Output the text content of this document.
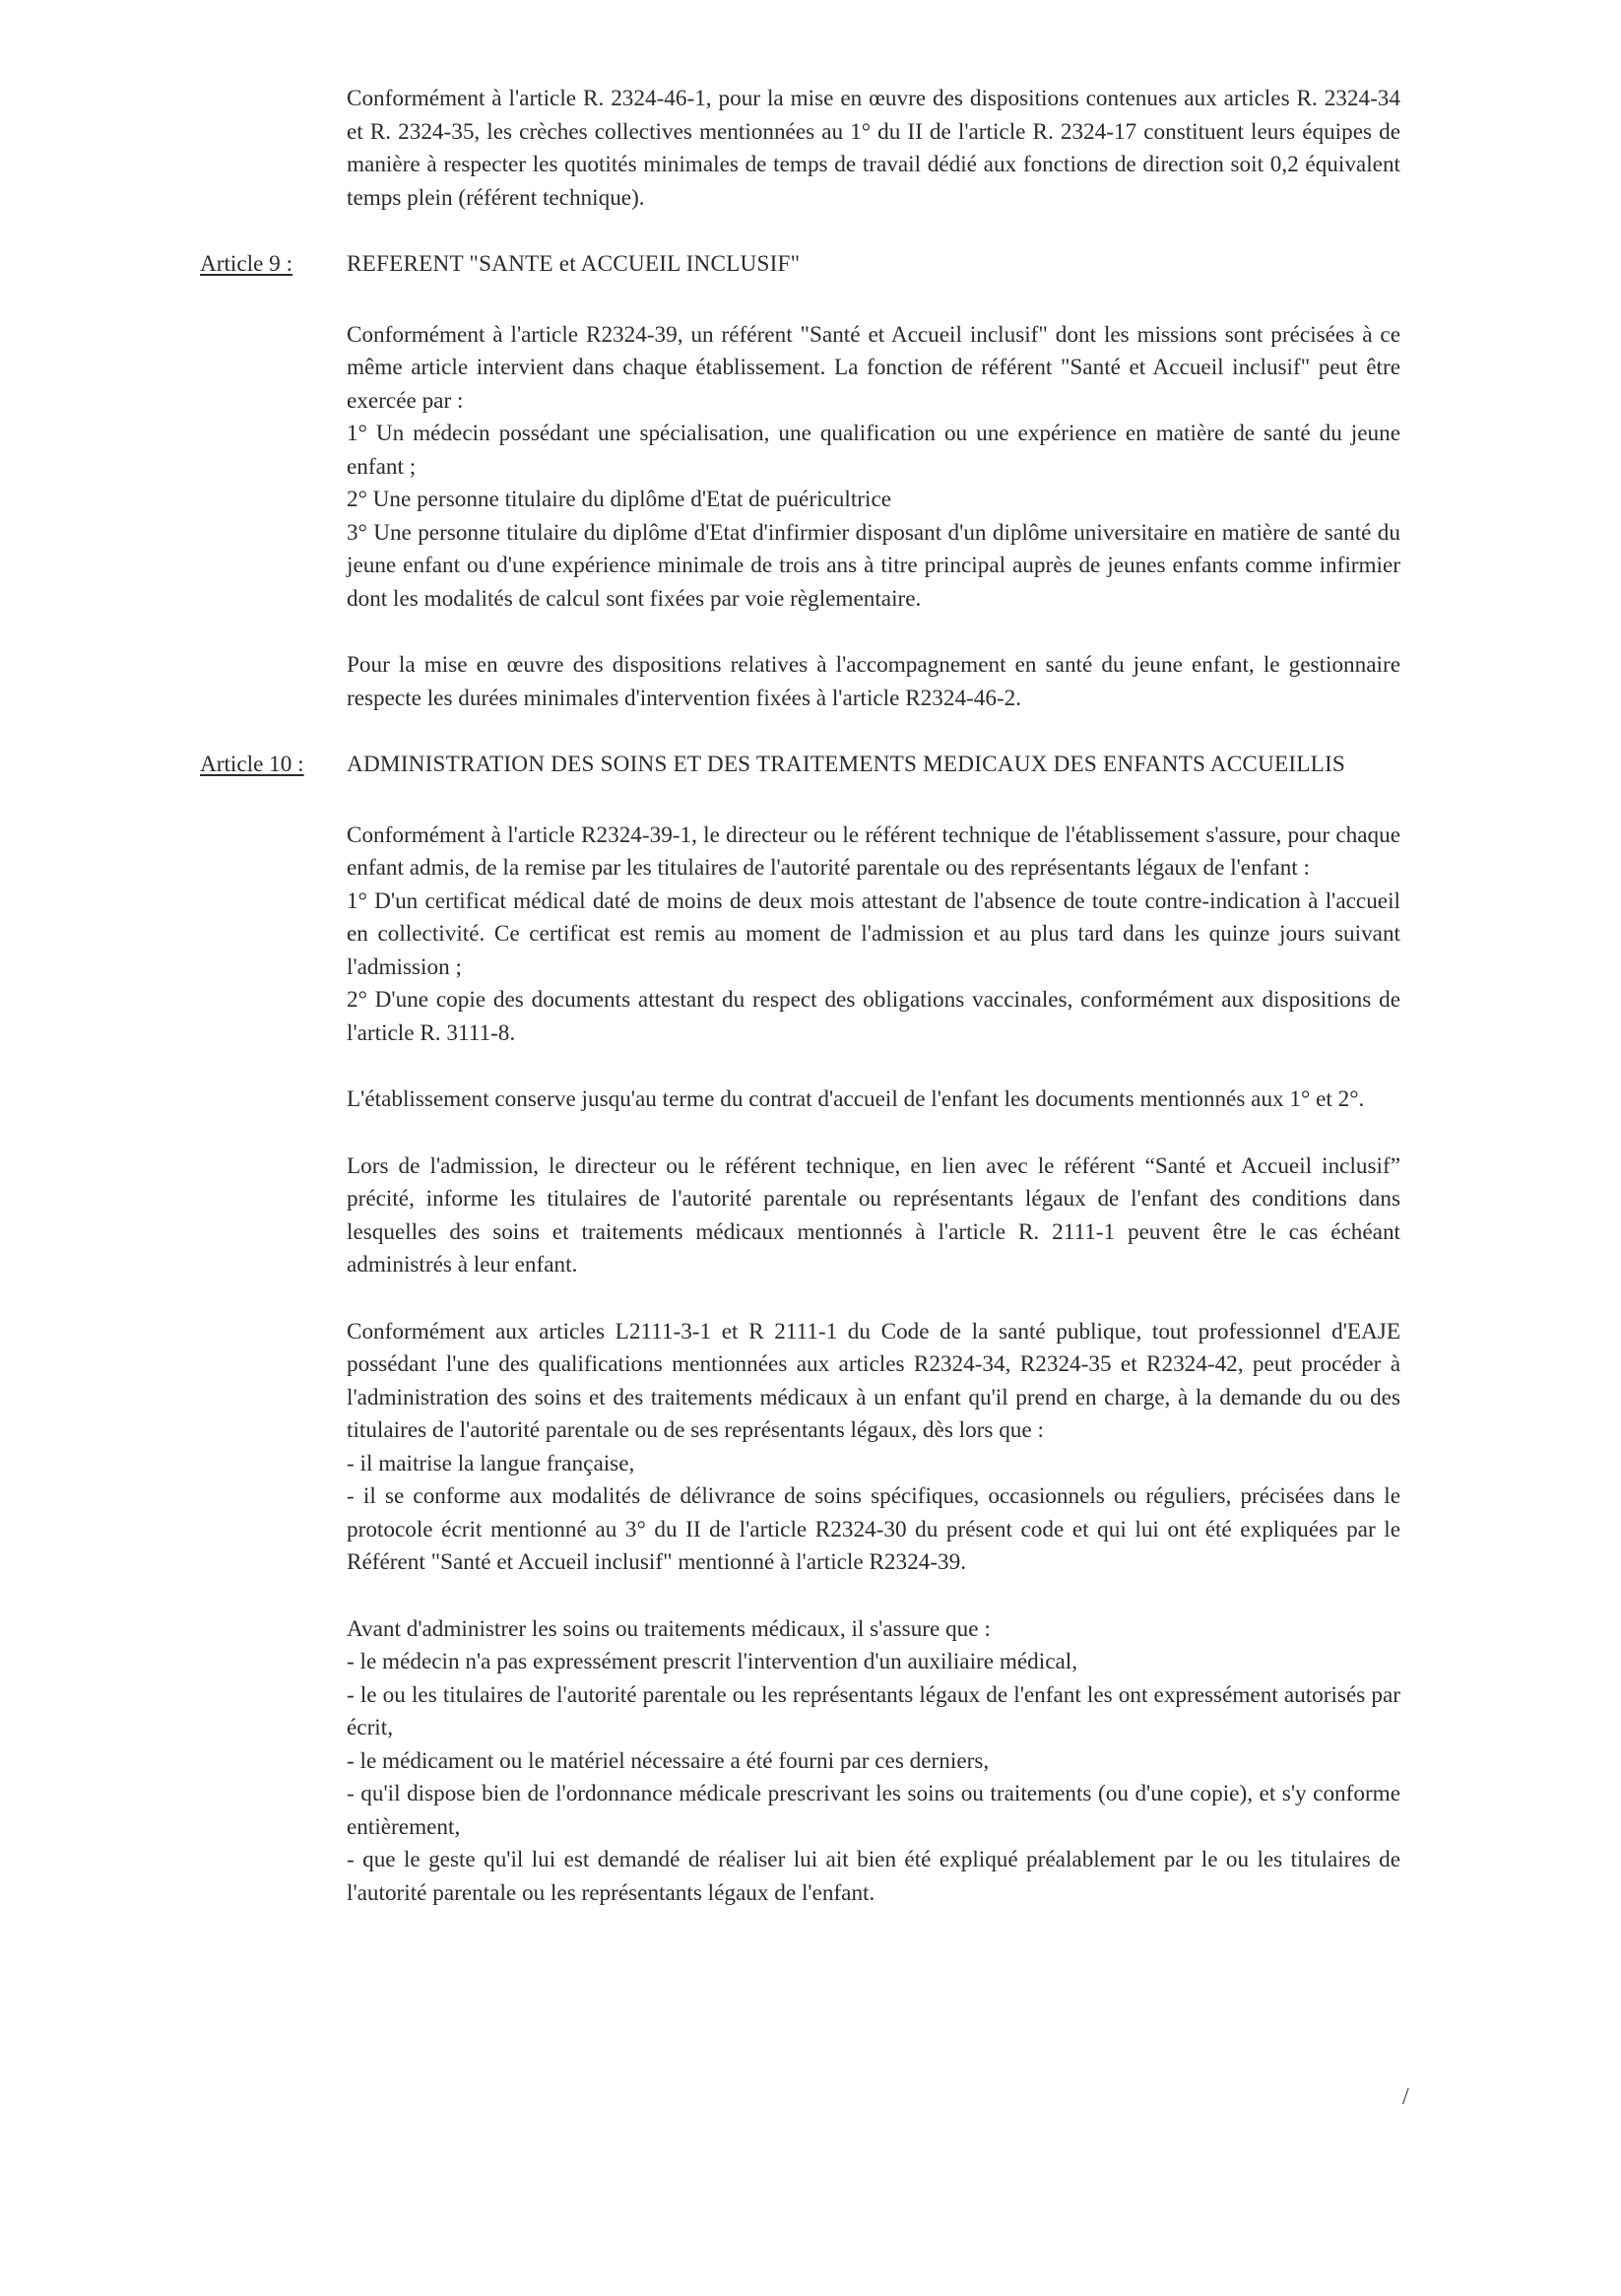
Conformément à l'article R. 2324-46-1, pour la mise en œuvre des dispositions contenues aux articles R. 2324-34 et R. 2324-35, les crèches collectives mentionnées au 1° du II de l'article R. 2324-17 constituent leurs équipes de manière à respecter les quotités minimales de temps de travail dédié aux fonctions de direction soit 0,2 équivalent temps plein (référent technique).

Article 9 : REFERENT "SANTE et ACCUEIL INCLUSIF"

Conformément à l'article R2324-39, un référent "Santé et Accueil inclusif" dont les missions sont précisées à ce même article intervient dans chaque établissement. La fonction de référent "Santé et Accueil inclusif" peut être exercée par :

1° Un médecin possédant une spécialisation, une qualification ou une expérience en matière de santé du jeune enfant ;

2° Une personne titulaire du diplôme d'Etat de puéricultrice

3° Une personne titulaire du diplôme d'Etat d'infirmier disposant d'un diplôme universitaire en matière de santé du jeune enfant ou d'une expérience minimale de trois ans à titre principal auprès de jeunes enfants comme infirmier dont les modalités de calcul sont fixées par voie règlementaire.

Pour la mise en œuvre des dispositions relatives à l'accompagnement en santé du jeune enfant, le gestionnaire respecte les durées minimales d'intervention fixées à l'article R2324-46-2.

Article 10 : ADMINISTRATION DES SOINS ET DES TRAITEMENTS MEDICAUX DES ENFANTS ACCUEILLIS

Conformément à l'article R2324-39-1, le directeur ou le référent technique de l'établissement s'assure, pour chaque enfant admis, de la remise par les titulaires de l'autorité parentale ou des représentants légaux de l'enfant :

1° D'un certificat médical daté de moins de deux mois attestant de l'absence de toute contre-indication à l'accueil en collectivité. Ce certificat est remis au moment de l'admission et au plus tard dans les quinze jours suivant l'admission ;

2° D'une copie des documents attestant du respect des obligations vaccinales, conformément aux dispositions de l'article R. 3111-8.

L'établissement conserve jusqu'au terme du contrat d'accueil de l'enfant les documents mentionnés aux 1° et 2°.

Lors de l'admission, le directeur ou le référent technique, en lien avec le référent “Santé et Accueil inclusif” précité, informe les titulaires de l'autorité parentale ou représentants légaux de l'enfant des conditions dans lesquelles des soins et traitements médicaux mentionnés à l'article R. 2111-1 peuvent être le cas échéant administrés à leur enfant.

Conformément aux articles L2111-3-1 et R 2111-1 du Code de la santé publique, tout professionnel d'EAJE possédant l'une des qualifications mentionnées aux articles R2324-34, R2324-35 et R2324-42, peut procéder à l'administration des soins et des traitements médicaux à un enfant qu'il prend en charge, à la demande du ou des titulaires de l'autorité parentale ou de ses représentants légaux, dès lors que :

- il maitrise la langue française,

- il se conforme aux modalités de délivrance de soins spécifiques, occasionnels ou réguliers, précisées dans le protocole écrit mentionné au 3° du II de l'article R2324-30 du présent code et qui lui ont été expliquées par le Référent "Santé et Accueil inclusif" mentionné à l'article R2324-39.

Avant d'administrer les soins ou traitements médicaux, il s'assure que :

- le médecin n'a pas expressément prescrit l'intervention d'un auxiliaire médical,

- le ou les titulaires de l'autorité parentale ou les représentants légaux de l'enfant les ont expressément autorisés par écrit,

- le médicament ou le matériel nécessaire a été fourni par ces derniers,

- qu'il dispose bien de l'ordonnance médicale prescrivant les soins ou traitements (ou d'une copie), et s'y conforme entièrement,

- que le geste qu'il lui est demandé de réaliser lui ait bien été expliqué préalablement par le ou les titulaires de l'autorité parentale ou les représentants légaux de l'enfant.

/
